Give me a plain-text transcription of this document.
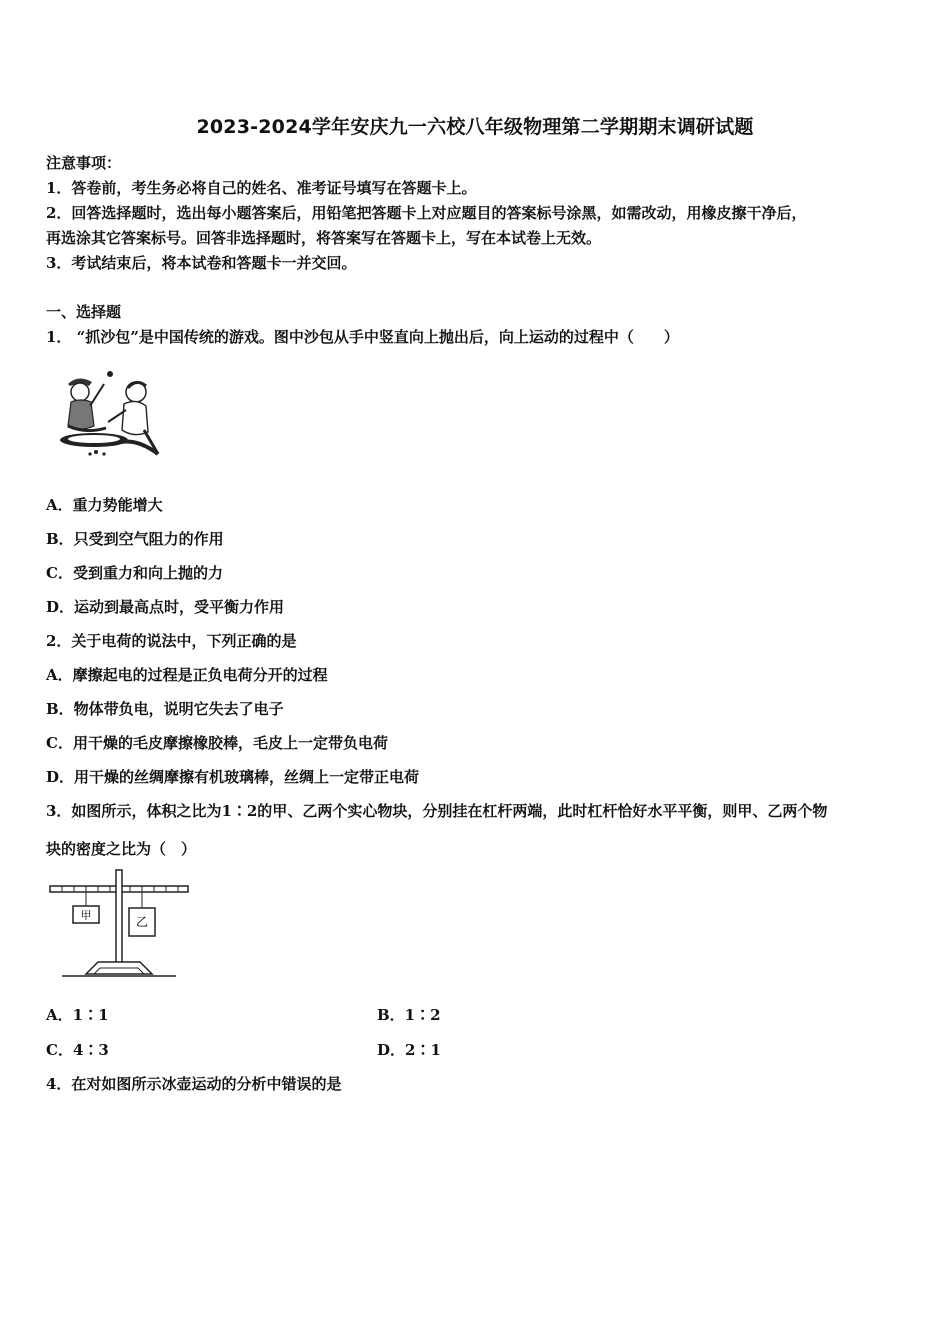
2023-2024学年安庆九一六校八年级物理第二学期期末调研试题
注意事项：
1．答卷前，考生务必将自己的姓名、准考证号填写在答题卡上。
2．回答选择题时，选出每小题答案后，用铅笔把答题卡上对应题目的答案标号涂黑，如需改动，用橡皮擦干净后，
再选涂其它答案标号。回答非选择题时，将答案写在答题卡上，写在本试卷上无效。
3．考试结束后，将本试卷和答题卡一并交回。
一、选择题
1． “抓沙包”是中国传统的游戏。图中沙包从手中竖直向上抛出后，向上运动的过程中（　　）
A．重力势能增大
B．只受到空气阻力的作用
C．受到重力和向上抛的力
D．运动到最高点时，受平衡力作用
2．关于电荷的说法中，下列正确的是
A．摩擦起电的过程是正负电荷分开的过程
B．物体带负电，说明它失去了电子
C．用干燥的毛皮摩擦橡胶棒，毛皮上一定带负电荷
D．用干燥的丝绸摩擦有机玻璃棒，丝绸上一定带正电荷
3．如图所示，体积之比为1∶2的甲、乙两个实心物块，分别挂在杠杆两端，此时杠杆恰好水平平衡，则甲、乙两个物
块的密度之比为（　）
甲	乙
A．1∶1	B．1∶2
C．4∶3	D．2∶1
4．在对如图所示冰壶运动的分析中错误的是
